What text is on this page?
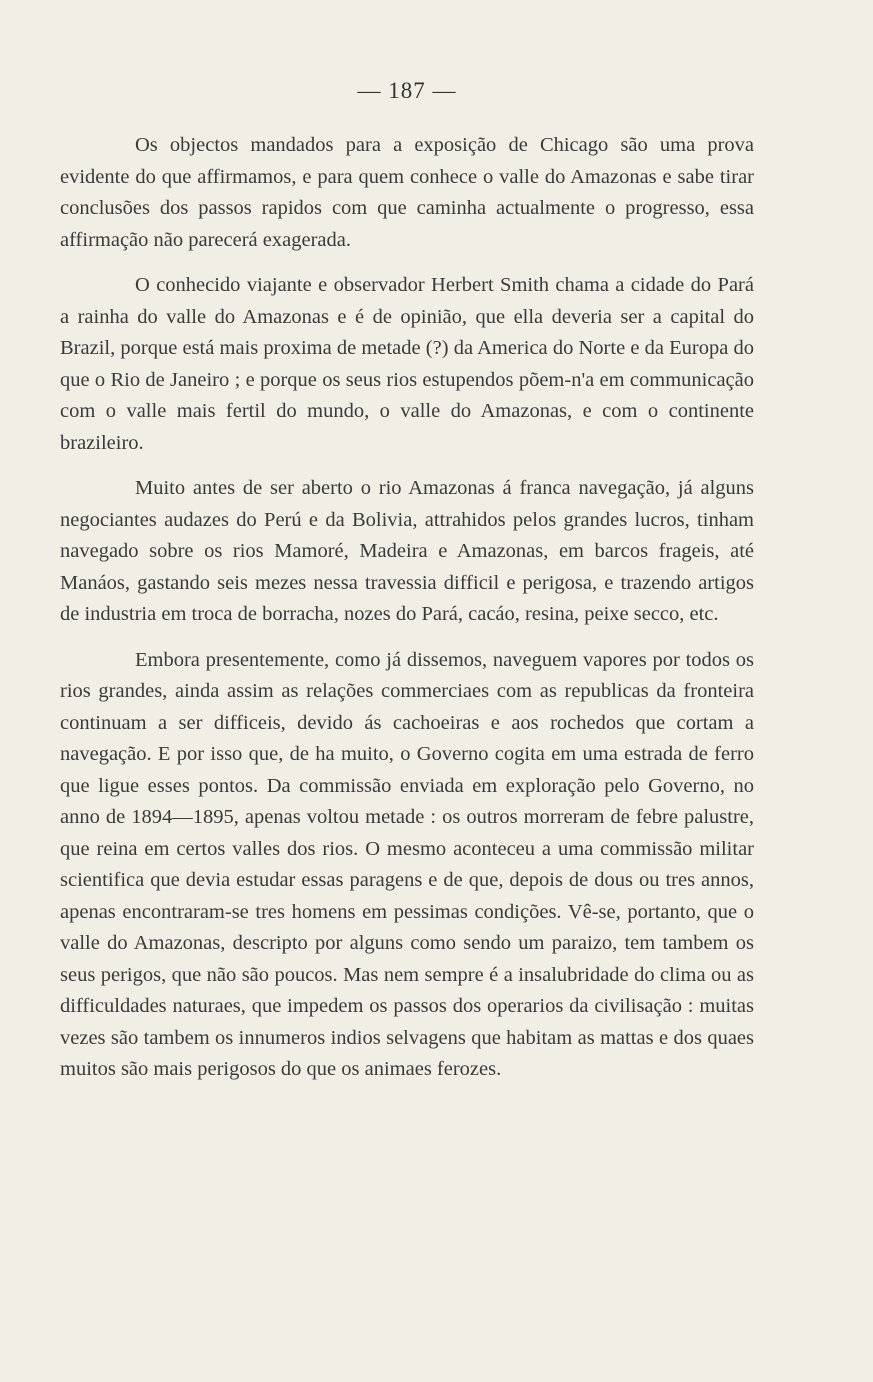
— 187 —

Os objectos mandados para a exposição de Chicago são uma prova evidente do que affirmamos, e para quem conhece o valle do Amazonas e sabe tirar conclusões dos passos rapidos com que caminha actualmente o progresso, essa affirmação não parecerá exagerada.

O conhecido viajante e observador Herbert Smith chama a cidade do Pará a rainha do valle do Amazonas e é de opinião, que ella deveria ser a capital do Brazil, porque está mais proxima de metade (?) da America do Norte e da Europa do que o Rio de Janeiro ; e porque os seus rios estupendos põem-n'a em communicação com o valle mais fertil do mundo, o valle do Amazonas, e com o continente brazileiro.

Muito antes de ser aberto o rio Amazonas á franca navegação, já alguns negociantes audazes do Perú e da Bolivia, attrahidos pelos grandes lucros, tinham navegado sobre os rios Mamoré, Madeira e Amazonas, em barcos frageis, até Manáos, gastando seis mezes nessa travessia difficil e perigosa, e trazendo artigos de industria em troca de borracha, nozes do Pará, cacáo, resina, peixe secco, etc.

Embora presentemente, como já dissemos, naveguem vapores por todos os rios grandes, ainda assim as relações commerciaes com as republicas da fronteira continuam a ser difficeis, devido ás cachoeiras e aos rochedos que cortam a navegação. E por isso que, de ha muito, o Governo cogita em uma estrada de ferro que ligue esses pontos. Da commissão enviada em exploração pelo Governo, no anno de 1894—1895, apenas voltou metade : os outros morreram de febre palustre, que reina em certos valles dos rios. O mesmo aconteceu a uma commissão militar scientifica que devia estudar essas paragens e de que, depois de dous ou tres annos, apenas encontraram-se tres homens em pessimas condições. Vê-se, portanto, que o valle do Amazonas, descripto por alguns como sendo um paraizo, tem tambem os seus perigos, que não são poucos. Mas nem sempre é a insalubridade do clima ou as difficuldades naturaes, que impedem os passos dos operarios da civilisação : muitas vezes são tambem os innumeros indios selvagens que habitam as mattas e dos quaes muitos são mais perigosos do que os animaes ferozes.
